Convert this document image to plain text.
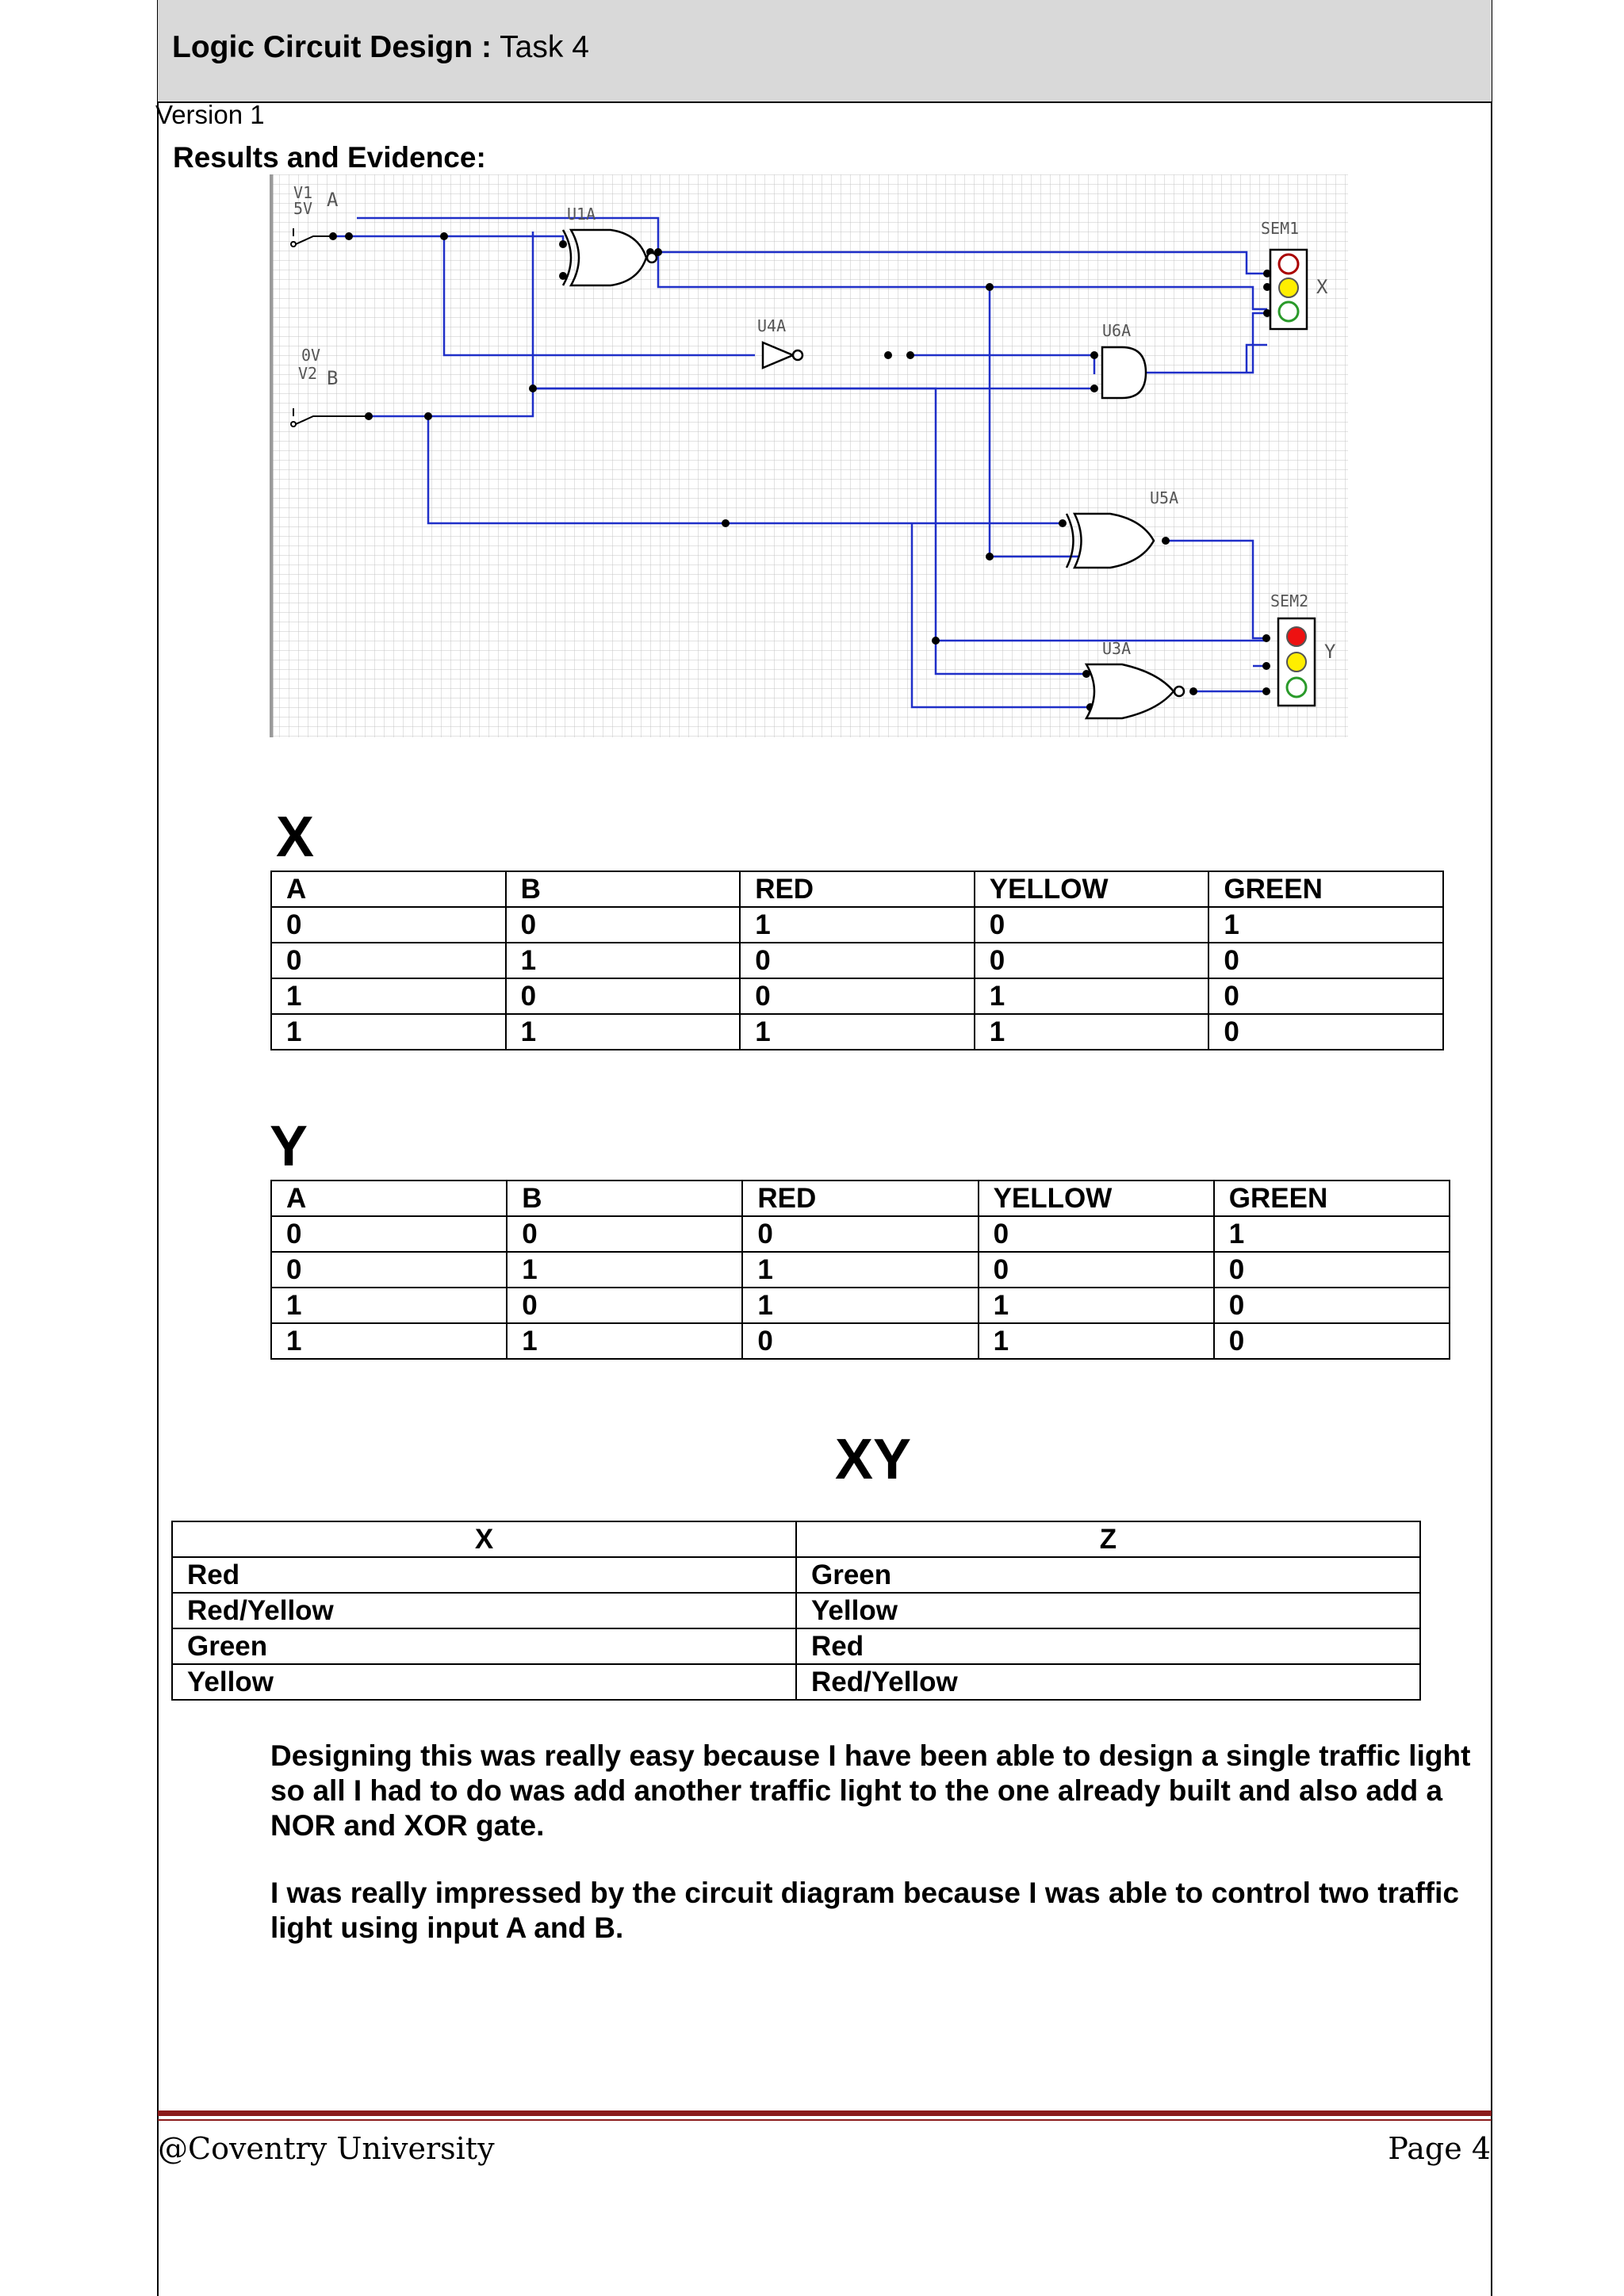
Logic Circuit Design : Task 4
Version 1
Results and Evidence:
V1
5V A
0V
V2 B
U1A
U4A	U6A
U5A
U3A
SEM1
X
SEM2
Y
X
A	B	RED	YELLOW	GREEN
0	0	1	0	1
0	1	0	0	0
1	0	0	1	0
1	1	1	1	0
Y
A	B	RED	YELLOW	GREEN
0	0	0	0	1
0	1	1	0	0
1	0	1	1	0
1	1	0	1	0
XY
X	Z
Red	Green
Red/Yellow	Yellow
Green	Red
Yellow	Red/Yellow
Designing this was really easy because I have been able to design a single traffic light so all I had to do was add another traffic light to the one already built and also add a NOR and XOR gate.
I was really impressed by the circuit diagram because I was able to control two traffic light using input A and B.
@Coventry University	Page 4
